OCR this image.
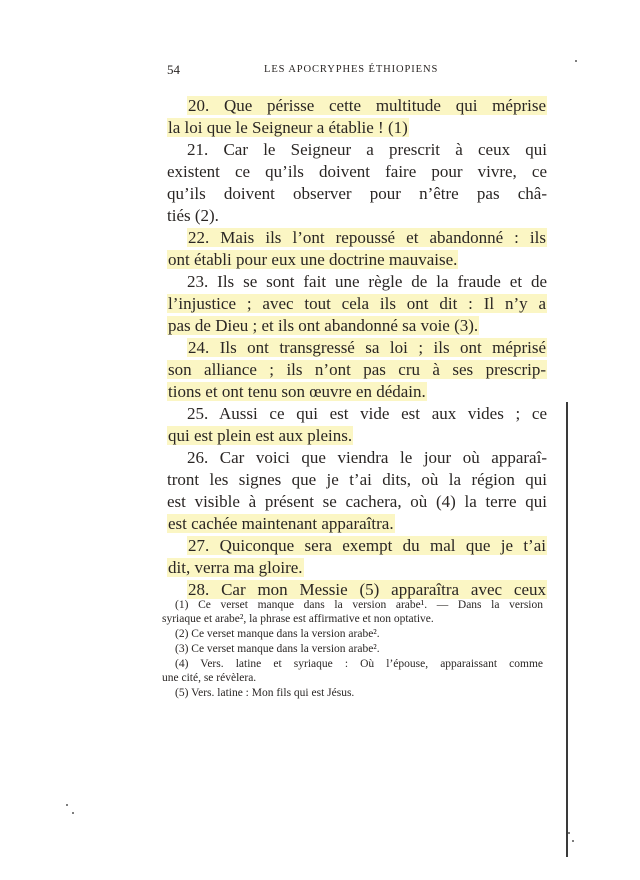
54	LES APOCRYPHES ÉTHIOPIENS
20. Que périsse cette multitude qui méprise
la loi que le Seigneur a établie ! (1)
21. Car le Seigneur a prescrit à ceux qui
existent ce qu’ils doivent faire pour vivre, ce
qu’ils doivent observer pour n’être pas châ-
tiés (2).
22. Mais ils l’ont repoussé et abandonné : ils
ont établi pour eux une doctrine mauvaise.
23. Ils se sont fait une règle de la fraude et de
l’injustice ; avec tout cela ils ont dit : Il n’y a
pas de Dieu ; et ils ont abandonné sa voie (3).
24. Ils ont transgressé sa loi ; ils ont méprisé
son alliance ; ils n’ont pas cru à ses prescrip-
tions et ont tenu son œuvre en dédain.
25. Aussi ce qui est vide est aux vides ; ce
qui est plein est aux pleins.
26. Car voici que viendra le jour où apparaî-
tront les signes que je t’ai dits, où la région qui
est visible à présent se cachera, où (4) la terre qui
est cachée maintenant apparaîtra.
27. Quiconque sera exempt du mal que je t’ai
dit, verra ma gloire.
28. Car mon Messie (5) apparaîtra avec ceux
(1) Ce verset manque dans la version arabe¹. — Dans la version
syriaque et arabe², la phrase est affirmative et non optative.
(2) Ce verset manque dans la version arabe².
(3) Ce verset manque dans la version arabe².
(4) Vers. latine et syriaque : Où l’épouse, apparaissant comme
une cité, se révèlera.
(5) Vers. latine : Mon fils qui est Jésus.
